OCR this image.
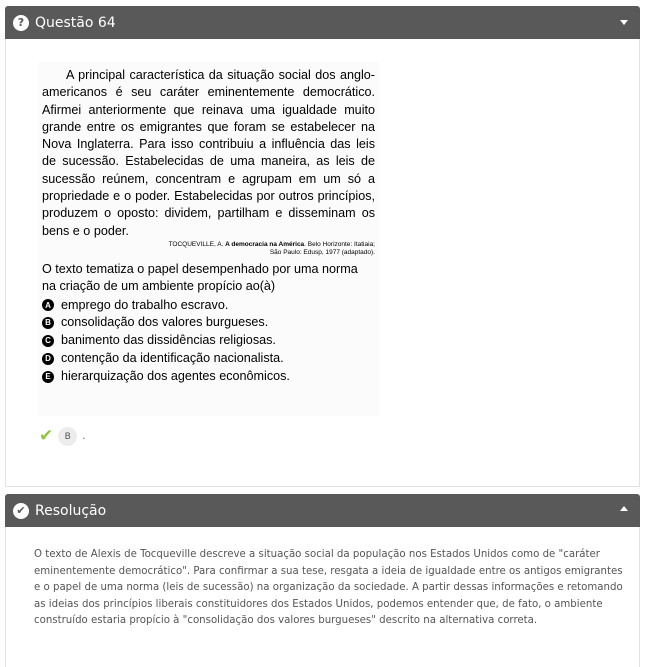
? Questão 64

A principal característica da situação social dos anglo-americanos é seu caráter eminentemente democrático. Afirmei anteriormente que reinava uma igualdade muito grande entre os emigrantes que foram se estabelecer na Nova Inglaterra. Para isso contribuiu a influência das leis de sucessão. Estabelecidas de uma maneira, as leis de sucessão reúnem, concentram e agrupam em um só a propriedade e o poder. Estabelecidas por outros princípios, produzem o oposto: dividem, partilham e disseminam os bens e o poder.

TOCQUEVILLE, A. A democracia na América. Belo Horizonte: Itatiaia;
São Paulo: Edusp, 1977 (adaptado).

O texto tematiza o papel desempenhado por uma norma na criação de um ambiente propício ao(à)

A emprego do trabalho escravo.
B consolidação dos valores burgueses.
C banimento das dissidências religiosas.
D contenção da identificação nacionalista.
E hierarquização dos agentes econômicos.
✔	B	.
✔ Resolução

O texto de Alexis de Tocqueville descreve a situação social da população nos Estados Unidos como de "caráter eminentemente democrático". Para confirmar a sua tese, resgata a ideia de igualdade entre os antigos emigrantes e o papel de uma norma (leis de sucessão) na organização da sociedade. A partir dessas informações e retomando as ideias dos princípios liberais constituidores dos Estados Unidos, podemos entender que, de fato, o ambiente construído estaria propício à "consolidação dos valores burgueses" descrito na alternativa correta.
